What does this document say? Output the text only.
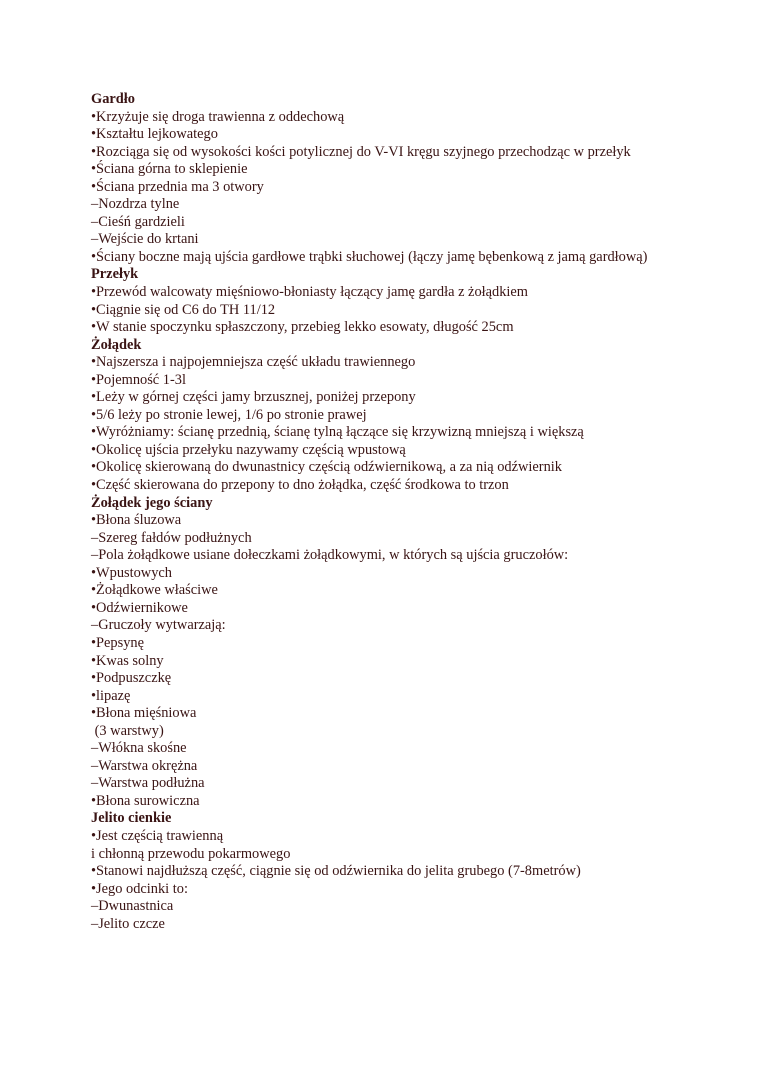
Gardło

•Krzyżuje się droga trawienna z oddechową

•Kształtu lejkowatego

•Rozciąga się od wysokości kości potylicznej do V-VI kręgu szyjnego przechodząc w przełyk

•Ściana górna to sklepienie

•Ściana przednia ma 3 otwory

–Nozdrza tylne

–Cieśń gardzieli

–Wejście do krtani

•Ściany boczne mają ujścia gardłowe trąbki słuchowej (łączy jamę bębenkową z jamą gardłową)

Przełyk

•Przewód walcowaty mięśniowo-błoniasty łączący jamę gardła z żołądkiem

•Ciągnie się od C6 do TH 11/12

•W stanie spoczynku spłaszczony, przebieg lekko esowaty, długość 25cm

Żołądek

•Najszersza i najpojemniejsza część układu trawiennego

•Pojemność 1-3l

•Leży w górnej części jamy brzusznej, poniżej przepony

•5/6 leży po stronie lewej, 1/6 po stronie prawej

•Wyróżniamy: ścianę przednią, ścianę tylną łączące się krzywizną mniejszą i większą

•Okolicę ujścia przełyku nazywamy częścią wpustową

•Okolicę skierowaną do dwunastnicy częścią odźwiernikową, a za nią odźwiernik

•Część skierowana do przepony to dno żołądka, część środkowa to trzon

Żołądek jego ściany

•Błona śluzowa

–Szereg fałdów podłużnych

–Pola żołądkowe usiane dołeczkami żołądkowymi, w których są ujścia gruczołów:

•Wpustowych

•Żołądkowe właściwe

•Odźwiernikowe

–Gruczoły wytwarzają:

•Pepsynę

•Kwas solny

•Podpuszczkę

•lipazę

•Błona mięśniowa

(3 warstwy)

–Włókna skośne

–Warstwa okrężna

–Warstwa podłużna

•Błona surowiczna

Jelito cienkie

•Jest częścią trawienną

i chłonną przewodu pokarmowego

•Stanowi najdłuższą część, ciągnie się od odźwiernika do jelita grubego (7-8metrów)

•Jego odcinki to:

–Dwunastnica

–Jelito czcze
